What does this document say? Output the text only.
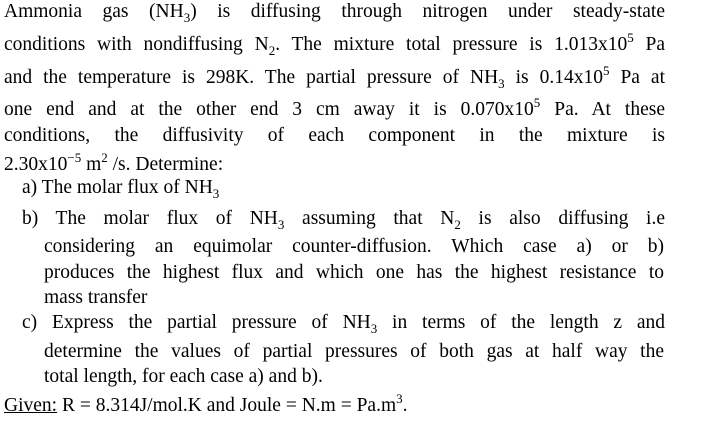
Ammonia gas $(NH_3)$ is diffusing through nitrogen under steady-state
conditions with nondiffusing $N_2$. The mixture total pressure is $1.013x10^5$ Pa
and the temperature is 298K. The partial pressure of $NH_3$ is $0.14x10^5$ Pa at
one end and at the other end 3 cm away it is $0.070x10^5$ Pa. At these
conditions, the diffusivity of each component in the mixture is
$2.30x10^{-5}$ $m^2$ /s. Determine:
a) The molar flux of $NH_3$
b) The molar flux of $NH_3$ assuming that $N_2$ is also diffusing i.e
considering an equimolar counter-diffusion. Which case a) or b)
produces the highest flux and which one has the highest resistance to
mass transfer
c) Express the partial pressure of $NH_3$ in terms of the length z and
determine the values of partial pressures of both gas at half way the
total length, for each case a) and b).
Given: R = 8.314J/mol.K and Joule = $N.m = Pa.m^3$.
